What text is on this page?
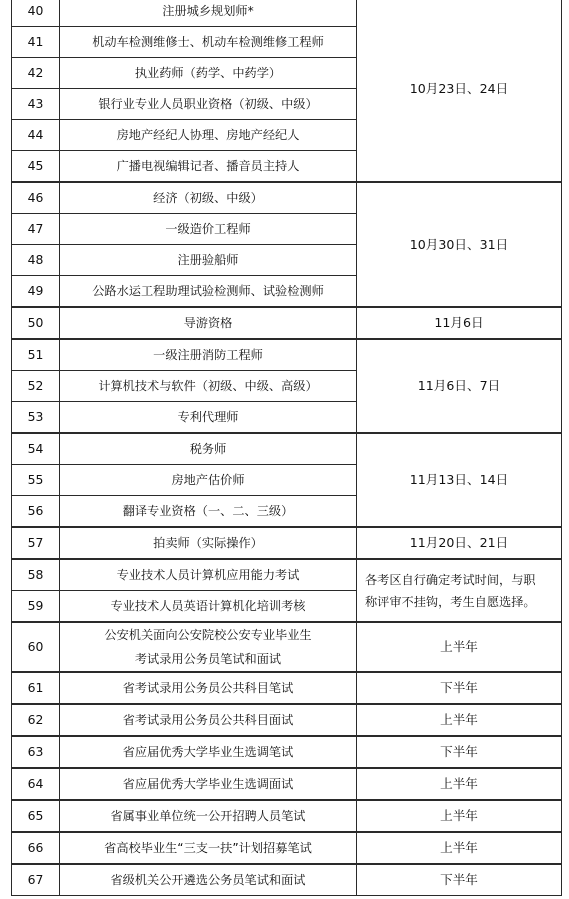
40	注册城乡规划师*	10月23日、24日
41	机动车检测维修士、机动车检测维修工程师	
42	执业药师（药学、中药学）	
43	银行业专业人员职业资格（初级、中级）	
44	房地产经纪人协理、房地产经纪人	
45	广播电视编辑记者、播音员主持人	
46	经济（初级、中级）	10月30日、31日
47	一级造价工程师	
48	注册验船师	
49	公路水运工程助理试验检测师、试验检测师	
50	导游资格	11月6日
51	一级注册消防工程师	11月6日、7日
52	计算机技术与软件（初级、中级、高级）	
53	专利代理师	
54	税务师	11月13日、14日
55	房地产估价师	
56	翻译专业资格（一、二、三级）	
57	拍卖师（实际操作）	11月20日、21日
58	专业技术人员计算机应用能力考试	各考区自行确定考试时间，与职
称评审不挂钩，考生自愿选择。

59	专业技术人员英语计算机化培训考核	
60	公安机关面向公安院校公安专业毕业生
考试录用公务员笔试和面试	上半年
61	省考试录用公务员公共科目笔试	下半年
62	省考试录用公务员公共科目面试	上半年
63	省应届优秀大学毕业生选调笔试	下半年
64	省应届优秀大学毕业生选调面试	上半年
65	省属事业单位统一公开招聘人员笔试	上半年
66	省高校毕业生“三支一扶”计划招募笔试	上半年
67	省级机关公开遴选公务员笔试和面试	下半年
